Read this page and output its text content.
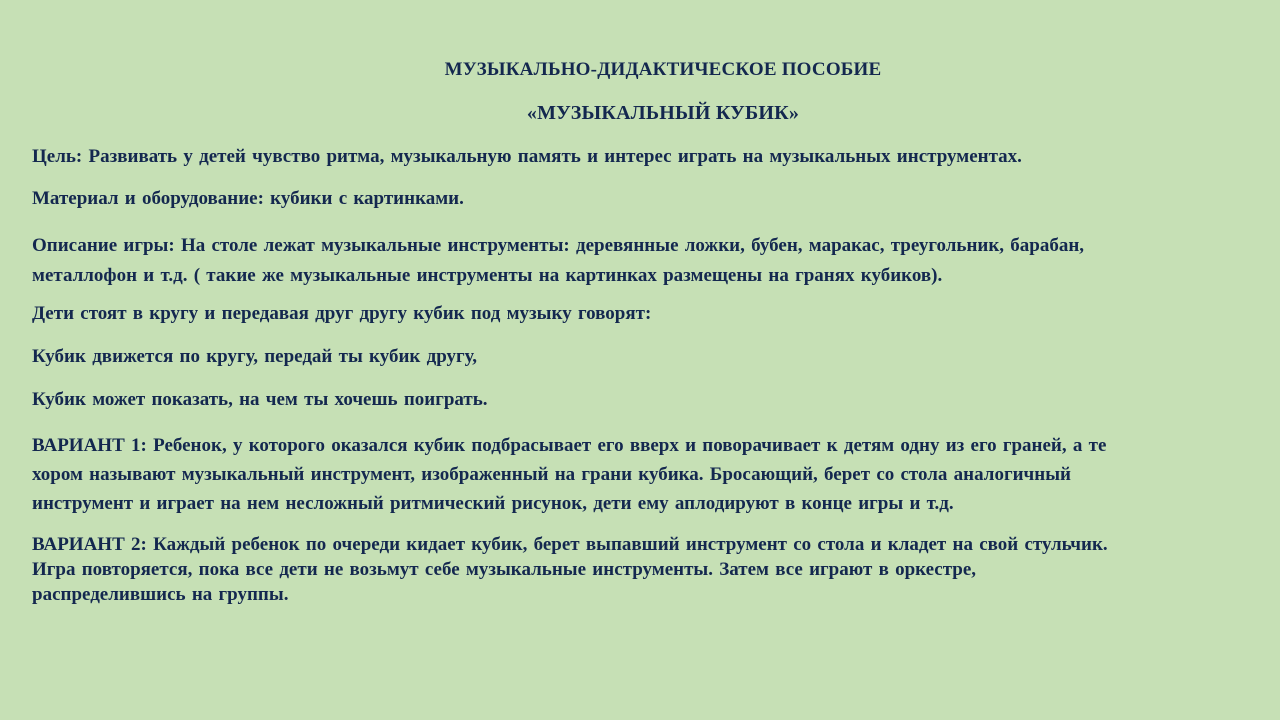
МУЗЫКАЛЬНО-ДИДАКТИЧЕСКОЕ ПОСОБИЕ
«МУЗЫКАЛЬНЫЙ КУБИК»
Цель: Развивать у детей чувство ритма, музыкальную память и интерес играть на музыкальных инструментах.
Материал и оборудование: кубики с картинками.
Описание игры: На столе лежат музыкальные инструменты: деревянные ложки, бубен, маракас, треугольник, барабан,
металлофон и т.д. ( такие же музыкальные инструменты на картинках размещены на гранях кубиков).
Дети стоят в кругу и передавая друг другу кубик под музыку говорят:
Кубик движется по кругу, передай ты кубик другу,
Кубик может показать, на чем ты хочешь поиграть.
ВАРИАНТ 1: Ребенок, у которого оказался кубик подбрасывает его вверх и поворачивает к детям одну из его граней, а те
хором называют музыкальный инструмент, изображенный на грани кубика. Бросающий, берет со стола аналогичный
инструмент и играет на нем несложный ритмический рисунок, дети ему аплодируют в конце игры и т.д.
ВАРИАНТ 2: Каждый ребенок по очереди кидает кубик, берет выпавший инструмент со стола и кладет на свой стульчик.
Игра повторяется, пока все дети не возьмут себе музыкальные инструменты. Затем все играют в оркестре,
распределившись на группы.
